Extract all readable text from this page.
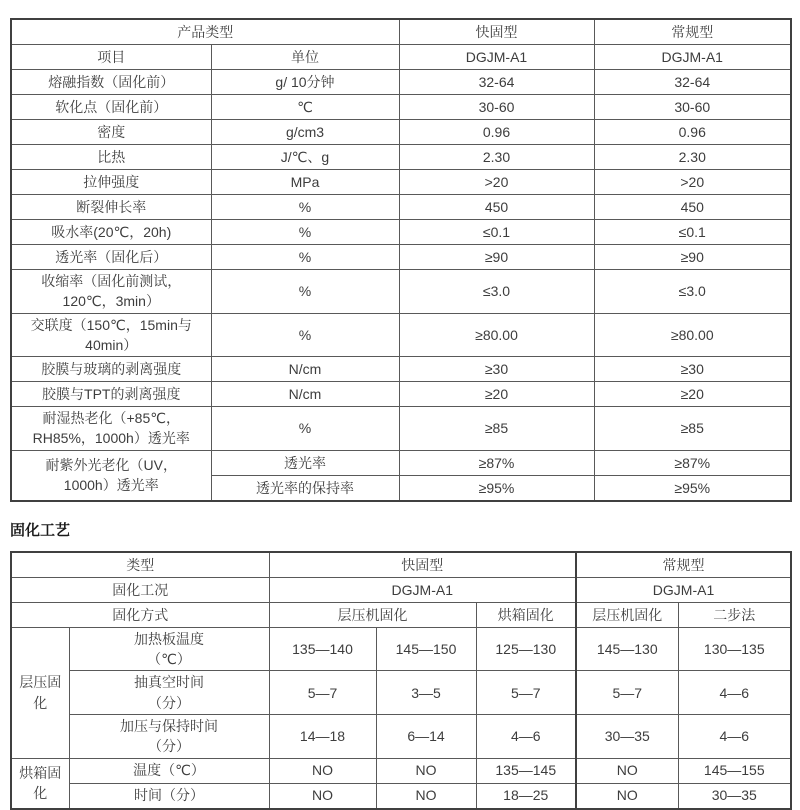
产品类型		快固型	常规型
项目	单位	DGJM-A1	DGJM-A1
熔融指数（固化前）	g/ 10分钟	32-64	32-64
软化点（固化前）	℃	30-60	30-60
密度	g/cm3	0.96	0.96
比热	J/℃、g	2.30	2.30
拉伸强度	MPa	>20	>20
断裂伸长率	%	450	450
吸水率(20℃，20h)	%	≤0.1	≤0.1
透光率（固化后）	%	≥90	≥90

收缩率（固化前测试，
120℃，3min）	%	≤3.0	≤3.0

交联度（150℃，15min与
40min）	%	≥80.00	≥80.00
胶膜与玻璃的剥离强度	N/cm	≥30	≥30
胶膜与TPT的剥离强度	N/cm	≥20	≥20

耐湿热老化（+85℃，
RH85%，1000h）透光率	%	≥85	≥85

耐紫外光老化（UV，
1000h）透光率	透光率	≥87%	≥87%
	透光率的保持率	≥95%	≥95%
固化工艺
类型		快固型			常规型	
固化工况		DGJM-A1			DGJM-A1	
固化方式		层压机固化		烘箱固化	层压机固化	二步法

层压固
化	加热板温度
（℃）	135—140	145—150	125—130	145—130	130—135

	抽真空时间
（分）	5—7	3—5	5—7	5—7	4—6

	加压与保持时间
（分）	14—18	6—14	4—6	30—35	4—6

烘箱固
化	温度（℃）	NO	NO	135—145	NO	145—155
	时间（分）	NO	NO	18—25	NO	30—35
